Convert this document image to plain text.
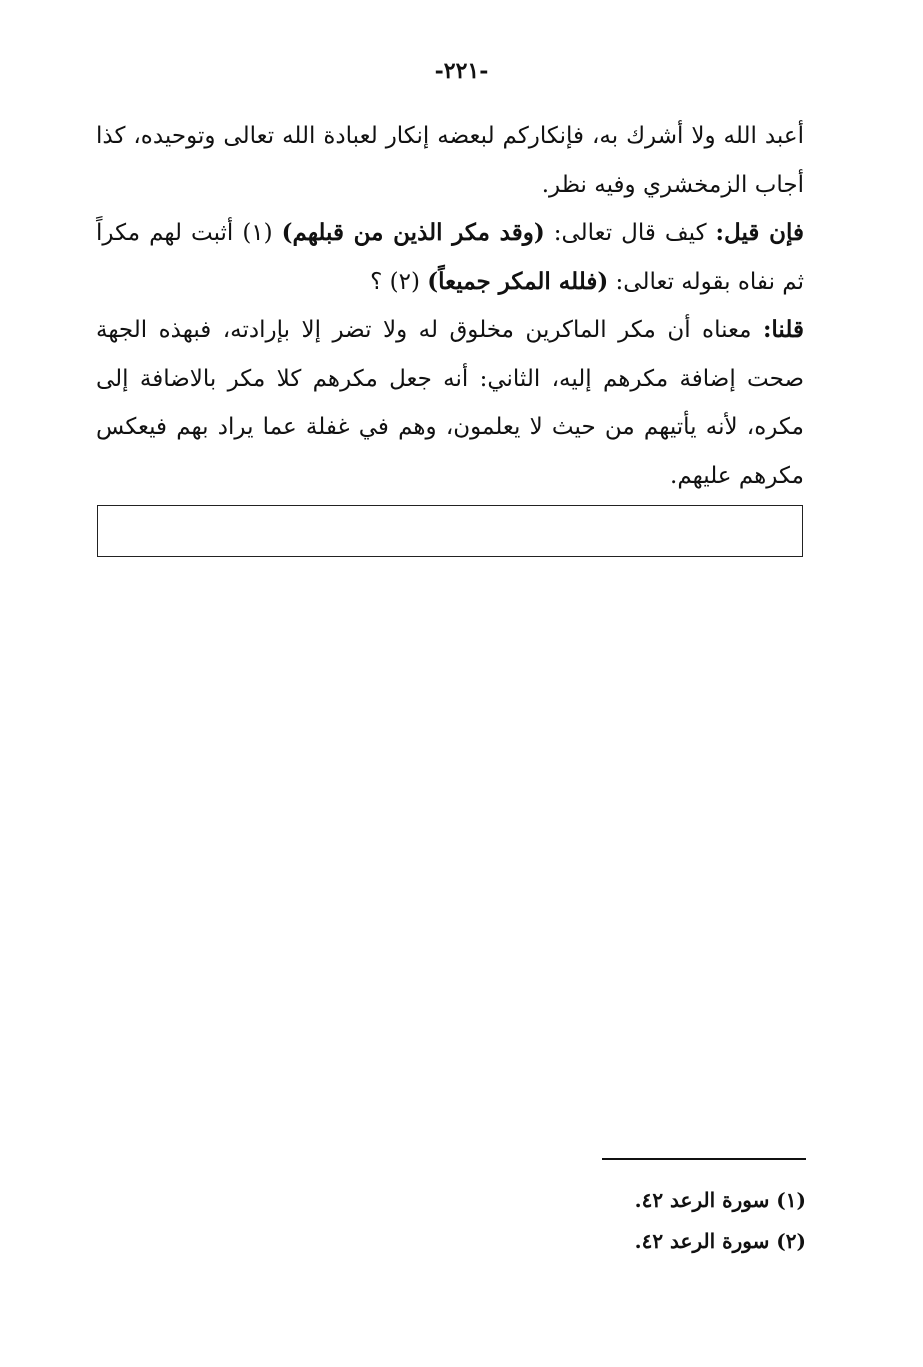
-٢٢١-

أعبد الله ولا أشرك به، فإنكاركم لبعضه إنكار لعبادة الله تعالى وتوحيده، كذا أجاب الزمخشري وفيه نظر.

فإن قيل: كيف قال تعالى: (وقد مكر الذين من قبلهم) (١) أثبت لهم مكراً ثم نفاه بقوله تعالى: (فلله المكر جميعاً) (٢) ؟

قلنا: معناه أن مكر الماكرين مخلوق له ولا تضر إلا بإرادته، فبهذه الجهة صحت إضافة مكرهم إليه، الثاني: أنه جعل مكرهم كلا مكر بالاضافة إلى مكره، لأنه يأتيهم من حيث لا يعلمون، وهم في غفلة عما يراد بهم فيعكس مكرهم عليهم.

(١) سورة الرعد ٤٢.
(٢) سورة الرعد ٤٢.
